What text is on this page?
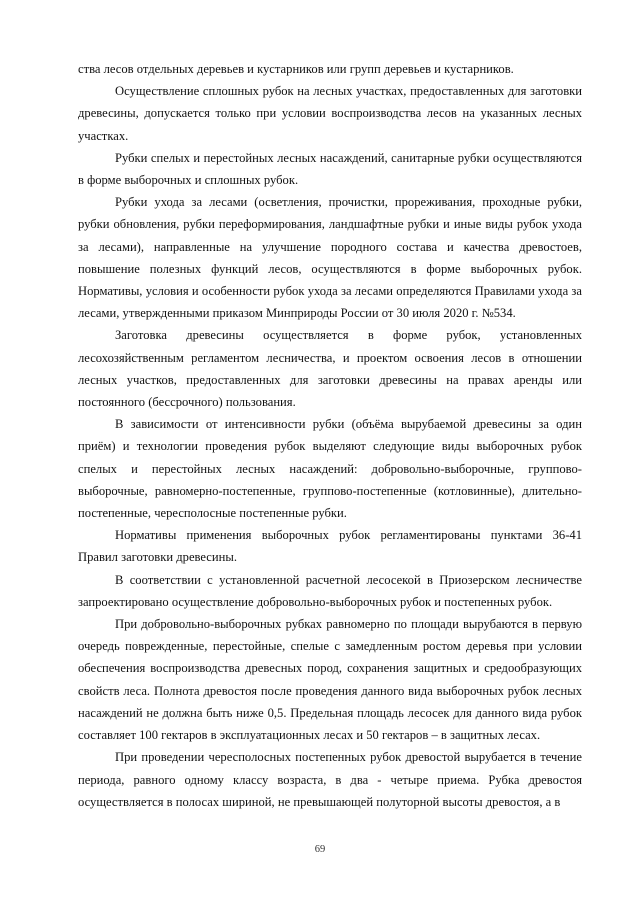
ства лесов отдельных деревьев и кустарников или групп деревьев и кустарников.

Осуществление сплошных рубок на лесных участках, предоставленных для заготовки древесины, допускается только при условии воспроизводства лесов на указанных лесных участках.

Рубки спелых и перестойных лесных насаждений, санитарные рубки осуществляются в форме выборочных и сплошных рубок.

Рубки ухода за лесами (осветления, прочистки, прореживания, проходные рубки, рубки обновления, рубки переформирования, ландшафтные рубки и иные виды рубок ухода за лесами), направленные на улучшение породного состава и качества древостоев, повышение полезных функций лесов, осуществляются в форме выборочных рубок. Нормативы, условия и особенности рубок ухода за лесами определяются Правилами ухода за лесами, утвержденными приказом Минприроды России от 30 июля 2020 г. №534.

Заготовка древесины осуществляется в форме рубок, установленных лесохозяйственным регламентом лесничества, и проектом освоения лесов в отношении лесных участков, предоставленных для заготовки древесины на правах аренды или постоянного (бессрочного) пользования.

В зависимости от интенсивности рубки (объёма вырубаемой древесины за один приём) и технологии проведения рубок выделяют следующие виды выборочных рубок спелых и перестойных лесных насаждений: добровольно-выборочные, группово-выборочные, равномерно-постепенные, группово-постепенные (котловинные), длительно-постепенные, чересполосные постепенные рубки.

Нормативы применения выборочных рубок регламентированы пунктами 36-41 Правил заготовки древесины.

В соответствии с установленной расчетной лесосекой в Приозерском лесничестве запроектировано осуществление добровольно-выборочных рубок и постепенных рубок.

При добровольно-выборочных рубках равномерно по площади вырубаются в первую очередь поврежденные, перестойные, спелые с замедленным ростом деревья при условии обеспечения воспроизводства древесных пород, сохранения защитных и средообразующих свойств леса. Полнота древостоя после проведения данного вида выборочных рубок лесных насаждений не должна быть ниже 0,5. Предельная площадь лесосек для данного вида рубок составляет 100 гектаров в эксплуатационных лесах и 50 гектаров – в защитных лесах.

При проведении чересполосных постепенных рубок древостой вырубается в течение периода, равного одному классу возраста, в два - четыре приема. Рубка древостоя осуществляется в полосах шириной, не превышающей полуторной высоты древостоя, а в

69
